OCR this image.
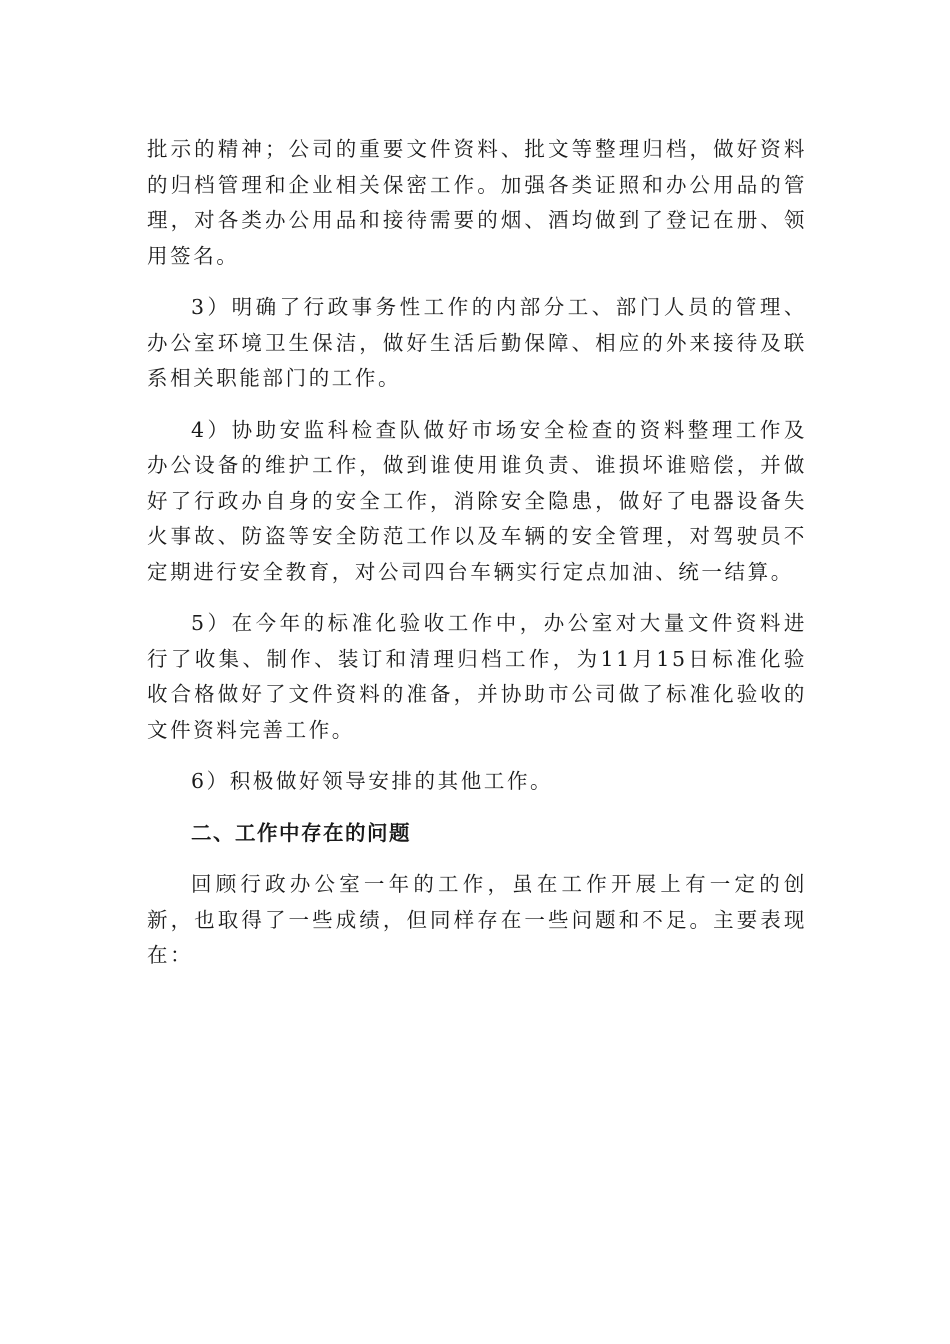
批示的精神；公司的重要文件资料、批文等整理归档，做好资料的归档管理和企业相关保密工作。加强各类证照和办公用品的管理，对各类办公用品和接待需要的烟、酒均做到了登记在册、领用签名。

3）明确了行政事务性工作的内部分工、部门人员的管理、办公室环境卫生保洁，做好生活后勤保障、相应的外来接待及联系相关职能部门的工作。

4）协助安监科检查队做好市场安全检查的资料整理工作及办公设备的维护工作，做到谁使用谁负责、谁损坏谁赔偿，并做好了行政办自身的安全工作，消除安全隐患，做好了电器设备失火事故、防盗等安全防范工作以及车辆的安全管理，对驾驶员不定期进行安全教育，对公司四台车辆实行定点加油、统一结算。

5）在今年的标准化验收工作中，办公室对大量文件资料进行了收集、制作、装订和清理归档工作，为11月15日标准化验收合格做好了文件资料的准备，并协助市公司做了标准化验收的文件资料完善工作。

6）积极做好领导安排的其他工作。

二、工作中存在的问题

回顾行政办公室一年的工作，虽在工作开展上有一定的创新，也取得了一些成绩，但同样存在一些问题和不足。主要表现在：
